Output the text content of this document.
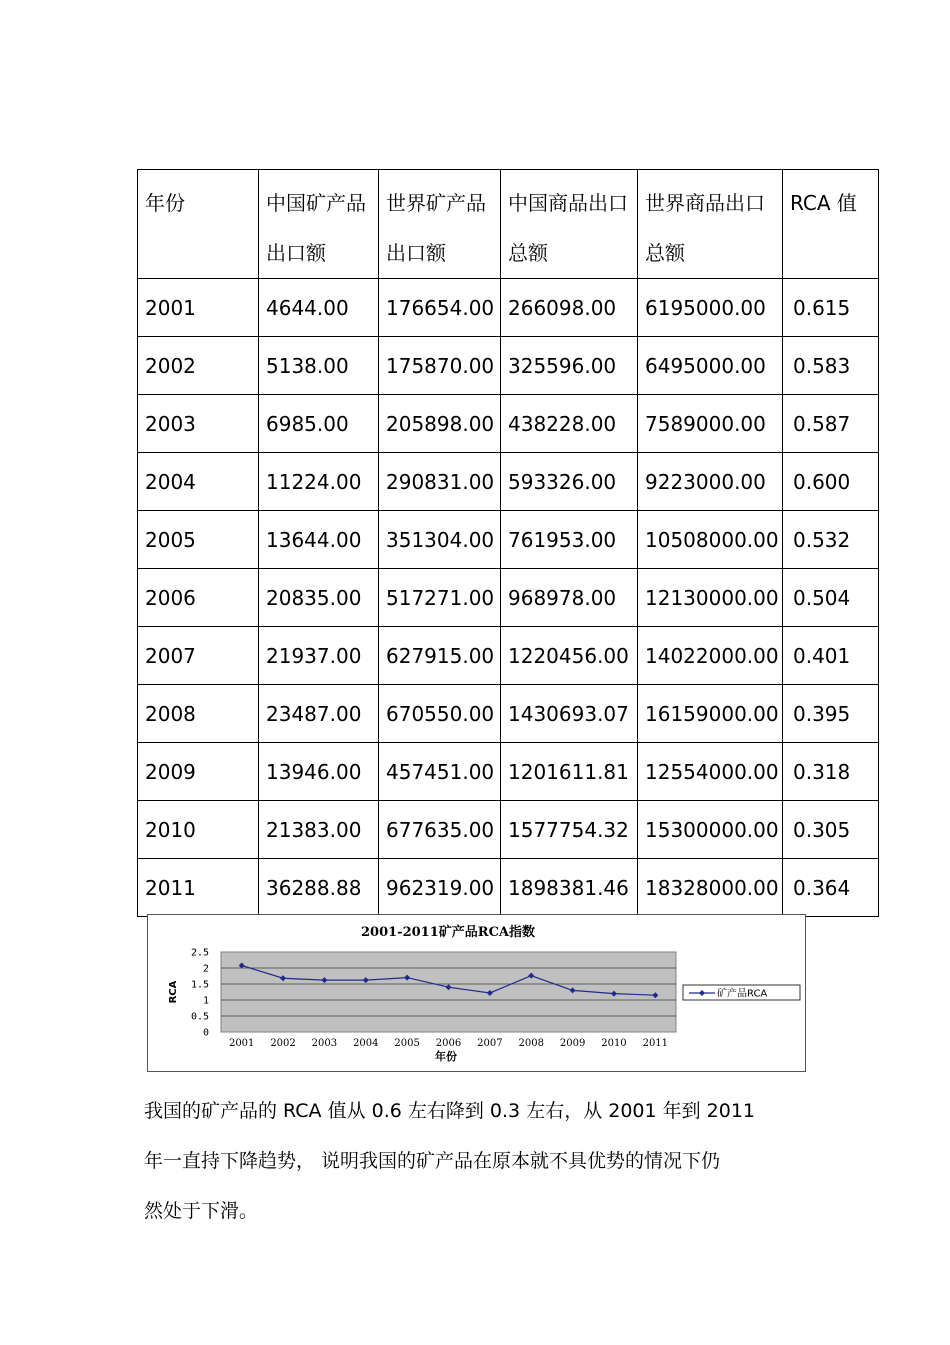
年份	中国矿产品出口额	世界矿产品出口额	中国商品出口总额	世界商品出口总额	RCA 值
2001	4644.00	176654.00	266098.00	6195000.00	0.615
2002	5138.00	175870.00	325596.00	6495000.00	0.583
2003	6985.00	205898.00	438228.00	7589000.00	0.587
2004	11224.00	290831.00	593326.00	9223000.00	0.600
2005	13644.00	351304.00	761953.00	10508000.00	0.532
2006	20835.00	517271.00	968978.00	12130000.00	0.504
2007	21937.00	627915.00	1220456.00	14022000.00	0.401
2008	23487.00	670550.00	1430693.07	16159000.00	0.395
2009	13946.00	457451.00	1201611.81	12554000.00	0.318
2010	21383.00	677635.00	1577754.32	15300000.00	0.305
2011	36288.88	962319.00	1898381.46	18328000.00	0.364
2001-2011矿产品RCA指数
0
0.5
1
1.5
2
2.5
2001 2002 2003 2004 2005 2006 2007 2008 2009 2010 2011
RCA
年份
矿产品RCA
我国的矿产品的 RCA 值从 0.6 左右降到 0.3 左右，从 2001 年到 2011
年一直持下降趋势， 说明我国的矿产品在原本就不具优势的情况下仍
然处于下滑。
